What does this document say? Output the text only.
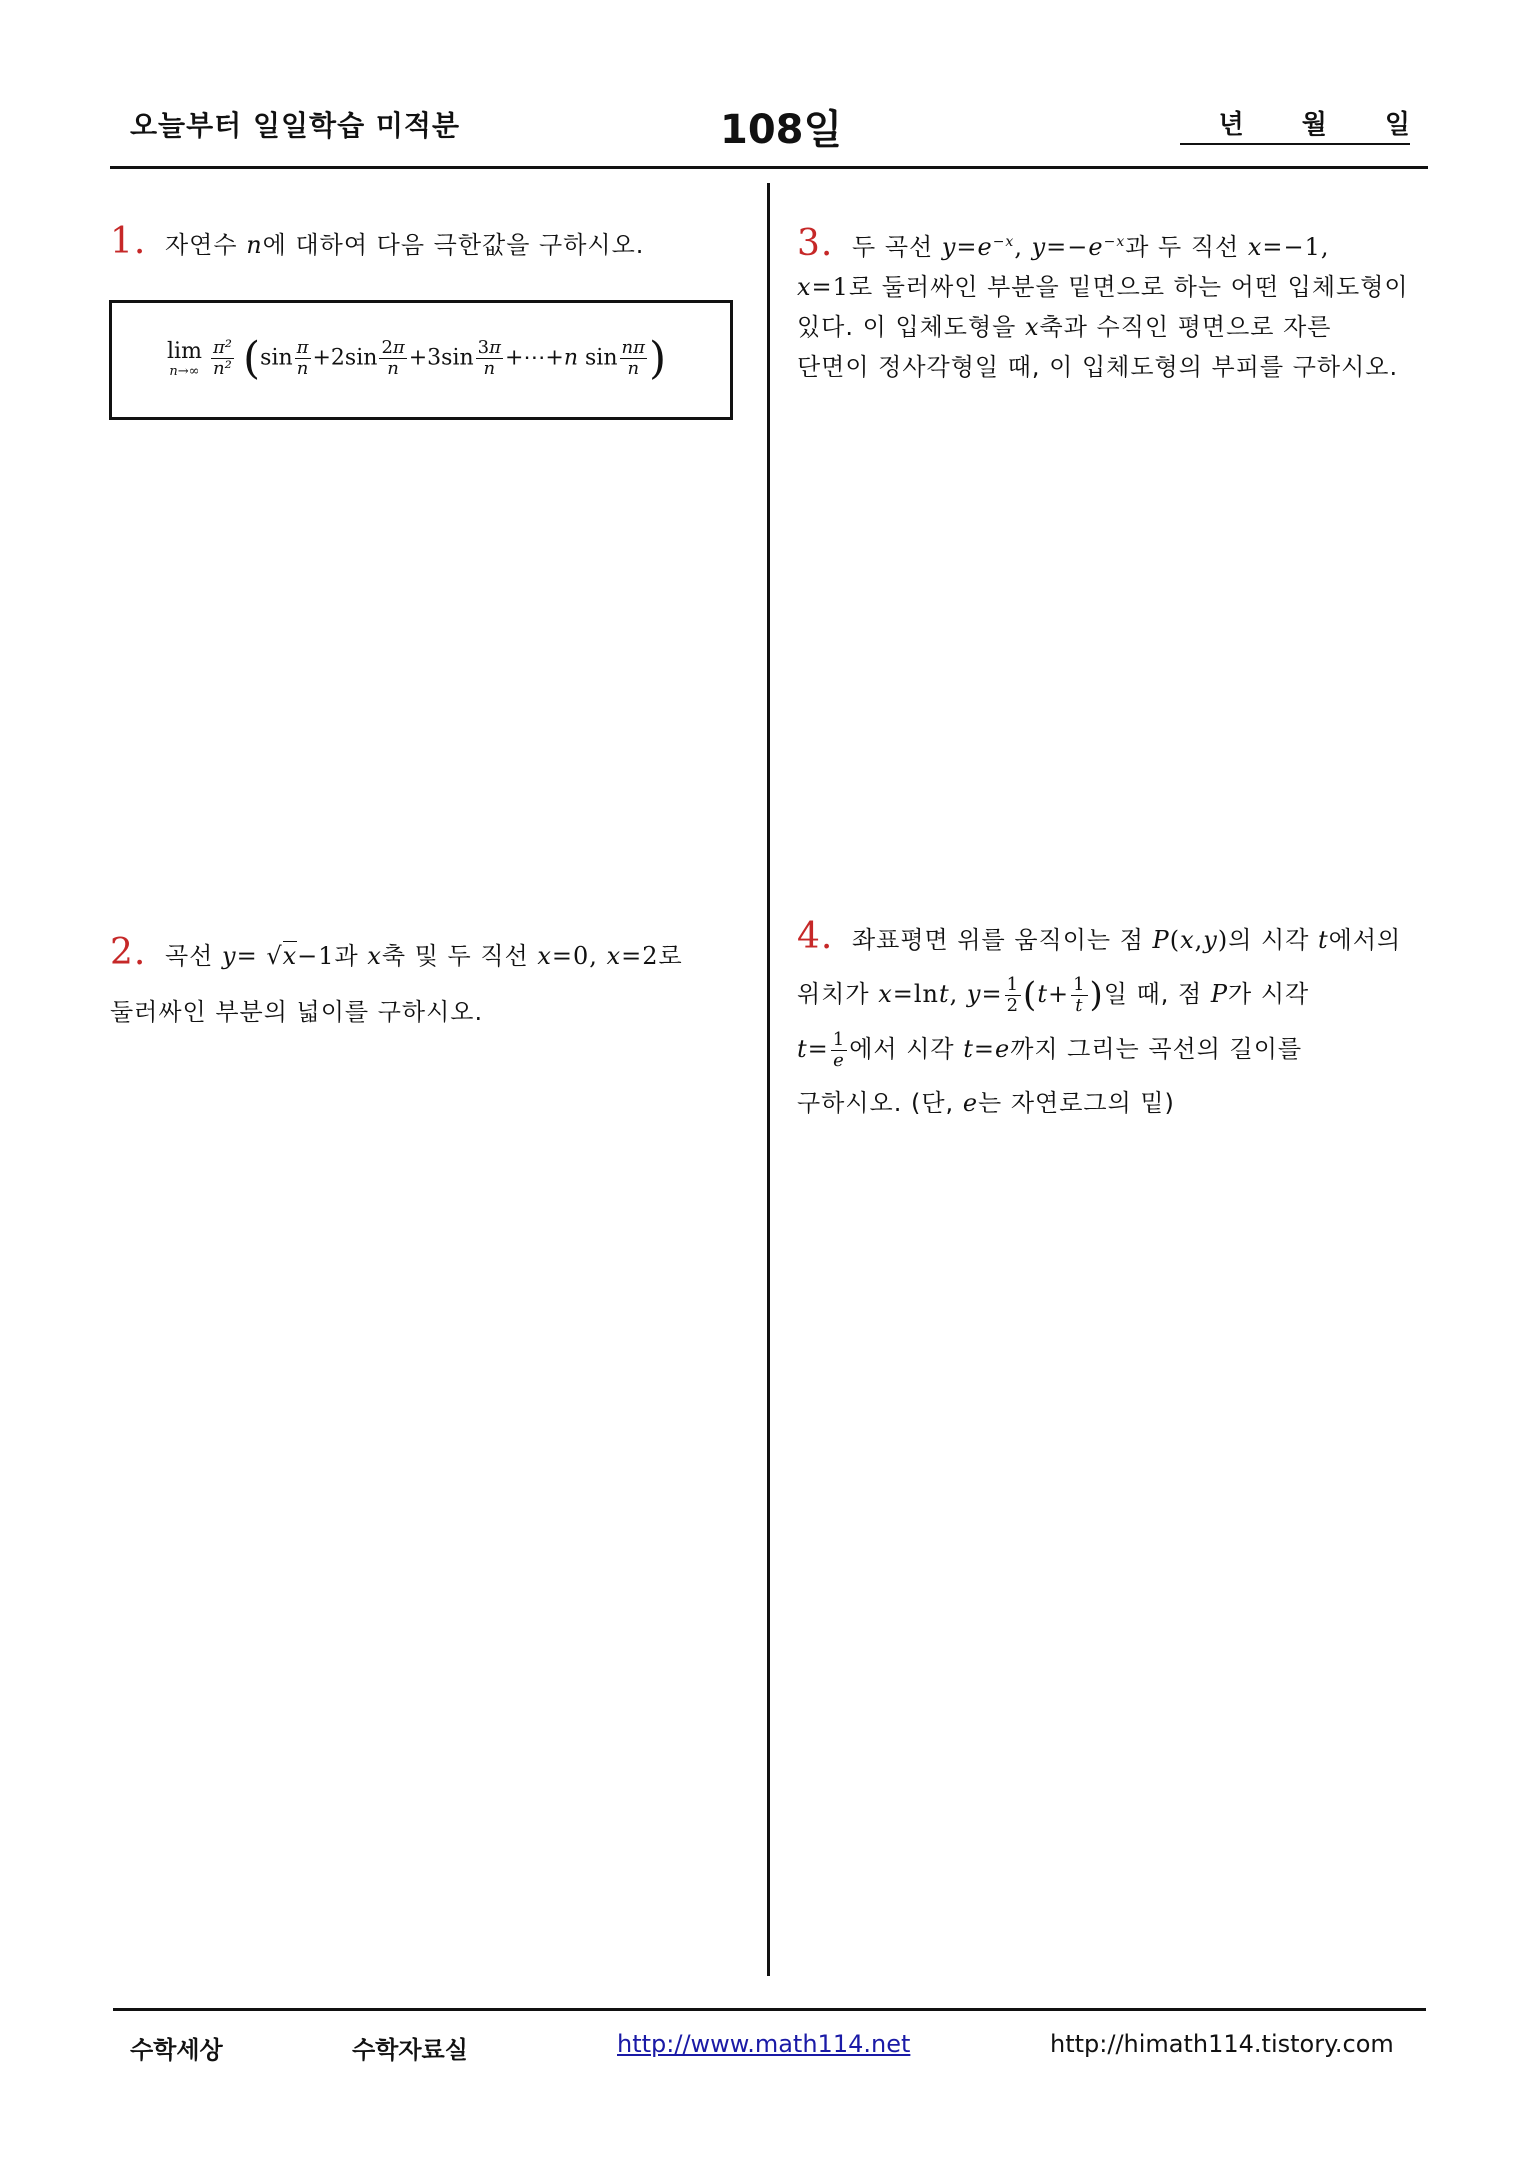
오늘부터 일일학습 미적분	108일	년 월 일
1. 자연수 n에 대하여 다음 극한값을 구하시오.
lim
n→∞
$\frac{\text{π²}}{\text{n²}} (\sin \frac{\pi}{n} +2\sin \frac{2\pi}{n} +3\sin \frac{3\pi}{n}$ +⋯+n $\sin \frac{n\pi}{n}$ )
2. 곡선 y= √x−1과 x축 및 두 직선 x=0, x=2로
둘러싸인 부분의 넓이를 구하시오.
3. 두 곡선 $y=e^{-x}$, $y=-e^{-x}$과 두 직선 x=−1,
x=1로 둘러싸인 부분을 밑면으로 하는 어떤 입체도형이
있다. 이 입체도형을 x축과 수직인 평면으로 자른
단면이 정사각형일 때, 이 입체도형의 부피를 구하시오.
4. 좌표평면 위를 움직이는 점 P(x,y)의 시각 t에서의
위치가 x=lnt, $y= \frac{1}{2} (t+ \frac{1}{t}$ )일 때, 점 P가 시각
$t= \frac{1}{e}$ 에서 시각 t=e까지 그리는 곡선의 길이를
구하시오. (단, e는 자연로그의 밑)
수학세상	수학자료실	http://www.math114.net	http://himath114.tistory.com
